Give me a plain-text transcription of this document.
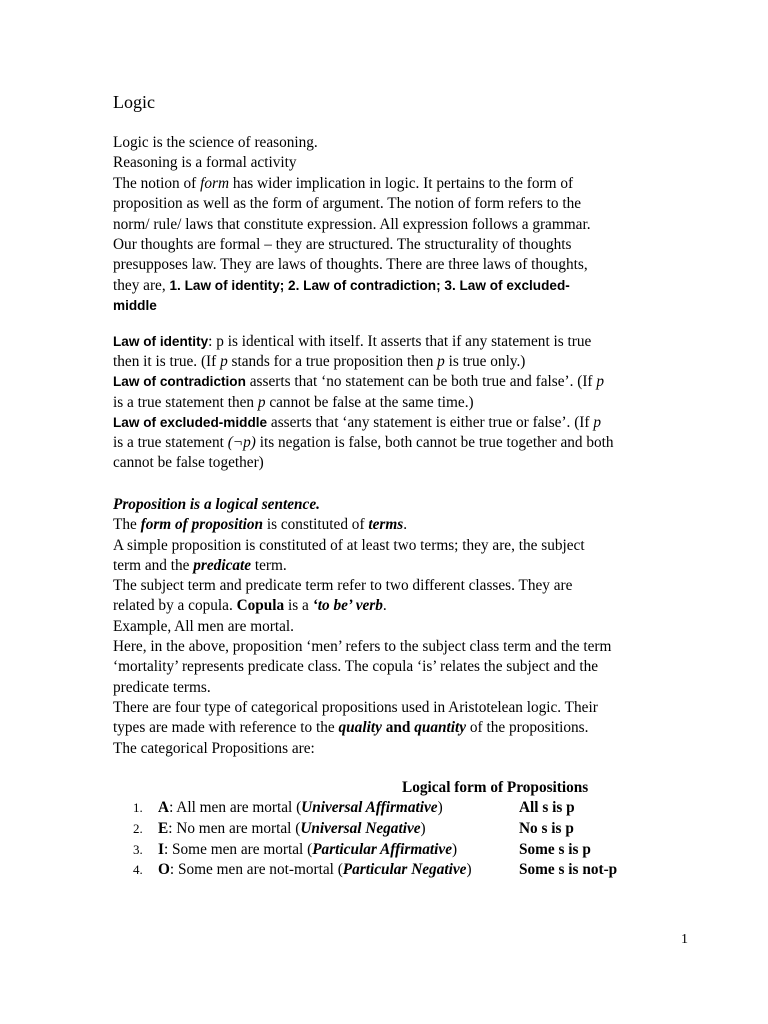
Logic
Logic is the science of reasoning.
Reasoning is a formal activity
The notion of form has wider implication in logic. It pertains to the form of
proposition as well as the form of argument. The notion of form refers to the
norm/ rule/ laws that constitute expression. All expression follows a grammar.
Our thoughts are formal – they are structured. The structurality of thoughts
presupposes law. They are laws of thoughts. There are three laws of thoughts,
they are, 1. Law of identity; 2. Law of contradiction; 3. Law of excluded-
middle
Law of identity: p is identical with itself. It asserts that if any statement is true
then it is true. (If p stands for a true proposition then p is true only.)
Law of contradiction asserts that ‘no statement can be both true and false’. (If p
is a true statement then p cannot be false at the same time.)
Law of excluded-middle asserts that ‘any statement is either true or false’. (If p
is a true statement (¬p) its negation is false, both cannot be true together and both
cannot be false together)
Proposition is a logical sentence.
The form of proposition is constituted of terms.
A simple proposition is constituted of at least two terms; they are, the subject
term and the predicate term.
The subject term and predicate term refer to two different classes. They are
related by a copula. Copula is a ‘to be’ verb.
Example, All men are mortal.
Here, in the above, proposition ‘men’ refers to the subject class term and the term
‘mortality’ represents predicate class. The copula ‘is’ relates the subject and the
predicate terms.
There are four type of categorical propositions used in Aristotelean logic. Their
types are made with reference to the quality and quantity of the propositions.
The categorical Propositions are:
Logical form of Propositions
1. A: All men are mortal (Universal Affirmative)	All s is p
2. E: No men are mortal (Universal Negative)	No s is p
3. I: Some men are mortal (Particular Affirmative)	Some s is p
4. O: Some men are not-mortal (Particular Negative)	Some s is not-p
1
